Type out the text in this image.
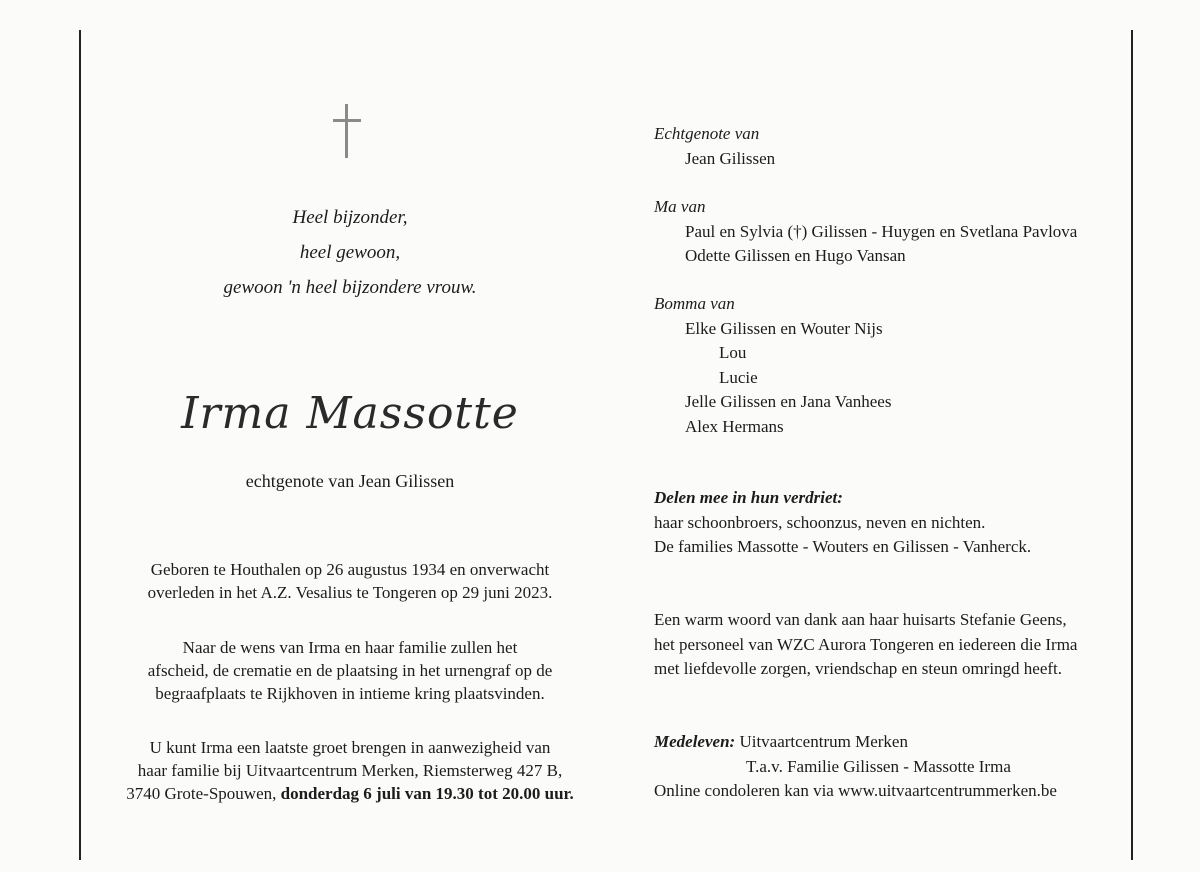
Heel bijzonder,
heel gewoon,
gewoon 'n heel bijzondere vrouw.
Irma Massotte
echtgenote van Jean Gilissen
Geboren te Houthalen op 26 augustus 1934 en onverwacht
overleden in het A.Z. Vesalius te Tongeren op 29 juni 2023.
Naar de wens van Irma en haar familie zullen het
afscheid, de crematie en de plaatsing in het urnengraf op de
begraafplaats te Rijkhoven in intieme kring plaatsvinden.
U kunt Irma een laatste groet brengen in aanwezigheid van
haar familie bij Uitvaartcentrum Merken, Riemsterweg 427 B,
3740 Grote-Spouwen, donderdag 6 juli van 19.30 tot 20.00 uur.
Echtgenote van
Jean Gilissen
Ma van
Paul en Sylvia (†) Gilissen - Huygen en Svetlana Pavlova
Odette Gilissen en Hugo Vansan
Bomma van
Elke Gilissen en Wouter Nijs
Lou
Lucie
Jelle Gilissen en Jana Vanhees
Alex Hermans
Delen mee in hun verdriet:
haar schoonbroers, schoonzus, neven en nichten.
De families Massotte - Wouters en Gilissen - Vanherck.
Een warm woord van dank aan haar huisarts Stefanie Geens,
het personeel van WZC Aurora Tongeren en iedereen die Irma
met liefdevolle zorgen, vriendschap en steun omringd heeft.
Medeleven: Uitvaartcentrum Merken
T.a.v. Familie Gilissen - Massotte Irma
Online condoleren kan via www.uitvaartcentrummerken.be
